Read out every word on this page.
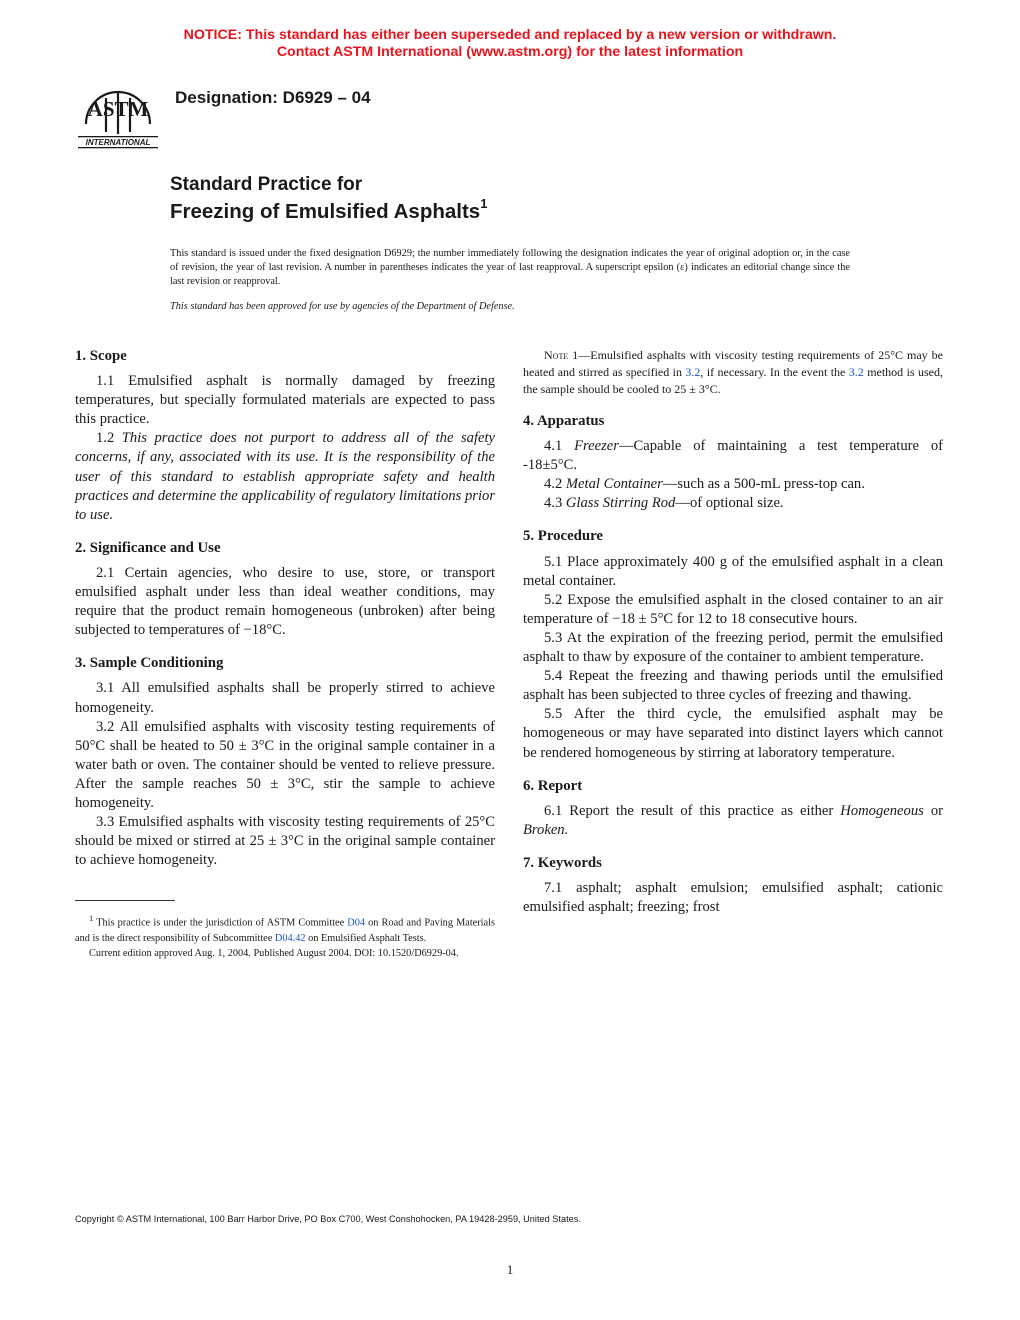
NOTICE: This standard has either been superseded and replaced by a new version or withdrawn.
Contact ASTM International (www.astm.org) for the latest information
ASTM
INTERNATIONAL
Designation: D6929 – 04
Standard Practice for
Freezing of Emulsified Asphalts$^1$
This standard is issued under the fixed designation D6929; the number immediately following the designation indicates the year of original adoption or, in the case of revision, the year of last revision. A number in parentheses indicates the year of last reapproval. A superscript epsilon (ε) indicates an editorial change since the last revision or reapproval.
This standard has been approved for use by agencies of the Department of Defense.
1. Scope

1.1 Emulsified asphalt is normally damaged by freezing temperatures, but specially formulated materials are expected to pass this practice.

1.2 This practice does not purport to address all of the safety concerns, if any, associated with its use. It is the responsibility of the user of this standard to establish appropriate safety and health practices and determine the applicability of regulatory limitations prior to use.

2. Significance and Use

2.1 Certain agencies, who desire to use, store, or transport emulsified asphalt under less than ideal weather conditions, may require that the product remain homogeneous (unbroken) after being subjected to temperatures of −18°C.

3. Sample Conditioning

3.1 All emulsified asphalts shall be properly stirred to achieve homogeneity.

3.2 All emulsified asphalts with viscosity testing requirements of 50°C shall be heated to 50 ± 3°C in the original sample container in a water bath or oven. The container should be vented to relieve pressure. After the sample reaches 50 ± 3°C, stir the sample to achieve homogeneity.

3.3 Emulsified asphalts with viscosity testing requirements of 25°C should be mixed or stirred at 25 ± 3°C in the original sample container to achieve homogeneity.

$^1$ This practice is under the jurisdiction of ASTM Committee D04 on Road and Paving Materials and is the direct responsibility of Subcommittee D04.42 on Emulsified Asphalt Tests.

Current edition approved Aug. 1, 2004. Published August 2004. DOI: 10.1520/D6929-04.

Note 1—Emulsified asphalts with viscosity testing requirements of 25°C may be heated and stirred as specified in 3.2, if necessary. In the event the 3.2 method is used, the sample should be cooled to 25 ± 3°C.

4. Apparatus

4.1 Freezer—Capable of maintaining a test temperature of -18±5°C.

4.2 Metal Container—such as a 500-mL press-top can.

4.3 Glass Stirring Rod—of optional size.

5. Procedure

5.1 Place approximately 400 g of the emulsified asphalt in a clean metal container.

5.2 Expose the emulsified asphalt in the closed container to an air temperature of −18 ± 5°C for 12 to 18 consecutive hours.

5.3 At the expiration of the freezing period, permit the emulsified asphalt to thaw by exposure of the container to ambient temperature.

5.4 Repeat the freezing and thawing periods until the emulsified asphalt has been subjected to three cycles of freezing and thawing.

5.5 After the third cycle, the emulsified asphalt may be homogeneous or may have separated into distinct layers which cannot be rendered homogeneous by stirring at laboratory temperature.

6. Report

6.1 Report the result of this practice as either Homogeneous or Broken.

7. Keywords

7.1 asphalt; asphalt emulsion; emulsified asphalt; cationic emulsified asphalt; freezing; frost

Copyright © ASTM International, 100 Barr Harbor Drive, PO Box C700, West Conshohocken, PA 19428-2959, United States.
1
